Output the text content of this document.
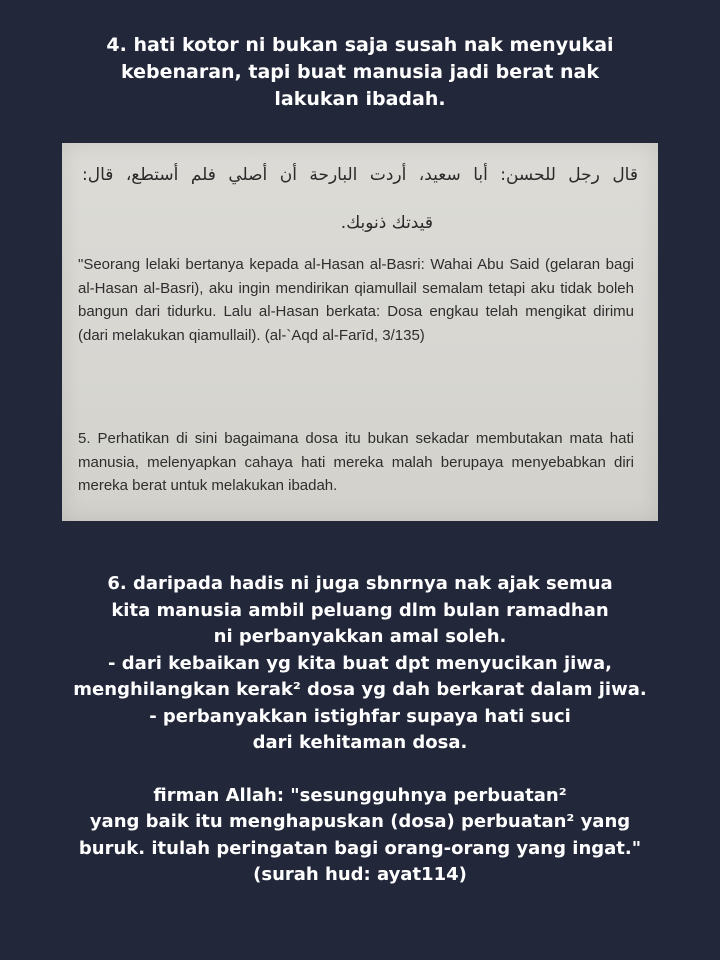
4. hati kotor ni bukan saja susah nak menyukai
kebenaran, tapi buat manusia jadi berat nak
lakukan ibadah.
قال رجل للحسن: أبا سعيد، أردت البارحة أن أصلي فلم أستطع، قال:
قيدتك ذنوبك.
"Seorang lelaki bertanya kepada al-Hasan al-Basri: Wahai Abu Said (gelaran bagi al-Hasan al-Basri), aku ingin mendirikan qiamullail semalam tetapi aku tidak boleh bangun dari tidurku. Lalu al-Hasan berkata: Dosa engkau telah mengikat dirimu (dari melakukan qiamullail). (al-`Aqd al-Farīd, 3/135)
5. Perhatikan di sini bagaimana dosa itu bukan sekadar membutakan mata hati manusia, melenyapkan cahaya hati mereka malah berupaya menyebabkan diri mereka berat untuk melakukan ibadah.
6. daripada hadis ni juga sbnrnya nak ajak semua
kita manusia ambil peluang dlm bulan ramadhan
ni perbanyakkan amal soleh.
- dari kebaikan yg kita buat dpt menyucikan jiwa,
menghilangkan kerak² dosa yg dah berkarat dalam jiwa.
- perbanyakkan istighfar supaya hati suci
dari kehitaman dosa.
firman Allah: "sesungguhnya perbuatan²
yang baik itu menghapuskan (dosa) perbuatan² yang
buruk. itulah peringatan bagi orang-orang yang ingat."
(surah hud: ayat114)
